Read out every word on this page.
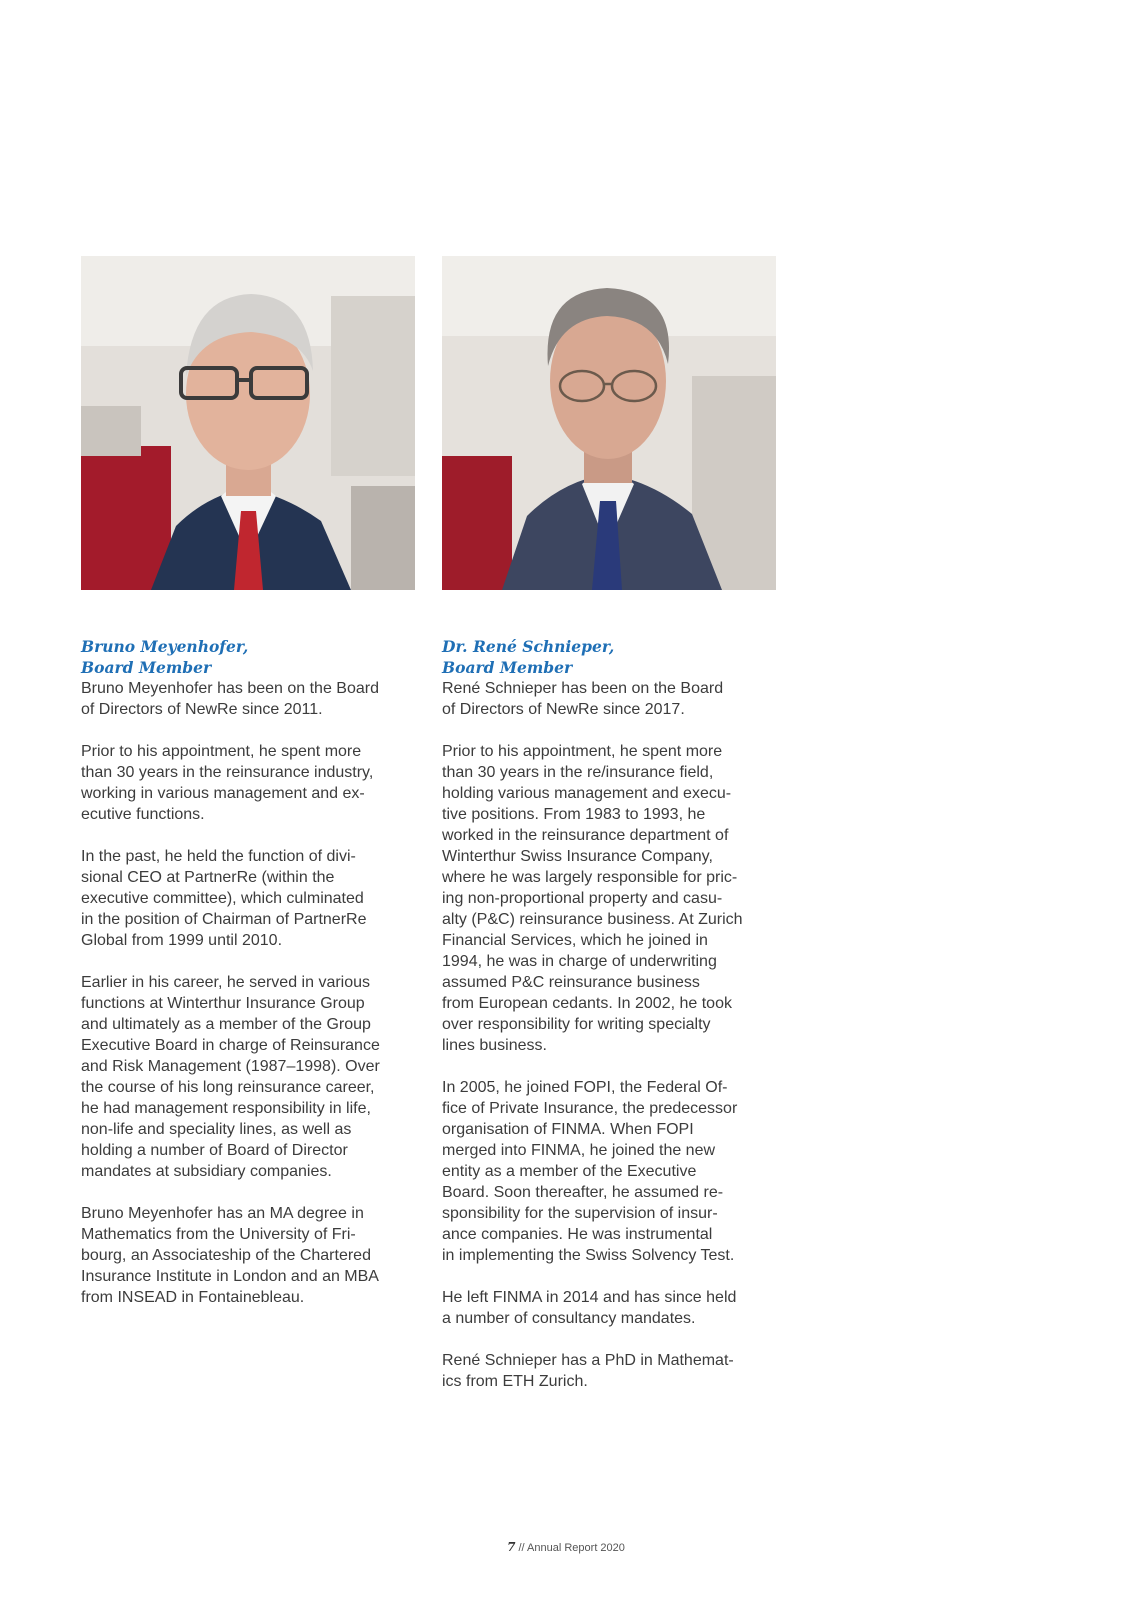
Bruno Meyenhofer,
Board Member

Bruno Meyenhofer has been on the Board
of Directors of NewRe since 2011.

Prior to his appointment, he spent more
than 30 years in the reinsurance industry,
working in various management and ex-
ecutive functions.

In the past, he held the function of divi-
sional CEO at PartnerRe (within the
executive committee), which culminated
in the position of Chairman of PartnerRe
Global from 1999 until 2010.

Earlier in his career, he served in various
functions at Winterthur Insurance Group
and ultimately as a member of the Group
Executive Board in charge of Reinsurance
and Risk Management (1987–1998). Over
the course of his long reinsurance career,
he had management responsibility in life,
non-life and speciality lines, as well as
holding a number of Board of Director
mandates at subsidiary companies.

Bruno Meyenhofer has an MA degree in
Mathematics from the University of Fri-
bourg, an Associateship of the Chartered
Insurance Institute in London and an MBA
from INSEAD in Fontainebleau.

Dr. René Schnieper,
Board Member

René Schnieper has been on the Board
of Directors of NewRe since 2017.

Prior to his appointment, he spent more
than 30 years in the re/insurance field,
holding various management and execu-
tive positions. From 1983 to 1993, he
worked in the reinsurance department of
Winterthur Swiss Insurance Company,
where he was largely responsible for pric-
ing non-proportional property and casu-
alty (P&C) reinsurance business. At Zurich
Financial Services, which he joined in
1994, he was in charge of underwriting
assumed P&C reinsurance business
from European cedants. In 2002, he took
over responsibility for writing specialty
lines business.

In 2005, he joined FOPI, the Federal Of-
fice of Private Insurance, the predecessor
organisation of FINMA. When FOPI
merged into FINMA, he joined the new
entity as a member of the Executive
Board. Soon thereafter, he assumed re-
sponsibility for the supervision of insur-
ance companies. He was instrumental
in implementing the Swiss Solvency Test.

He left FINMA in 2014 and has since held
a number of consultancy mandates.

René Schnieper has a PhD in Mathemat-
ics from ETH Zurich.

7 // Annual Report 2020
